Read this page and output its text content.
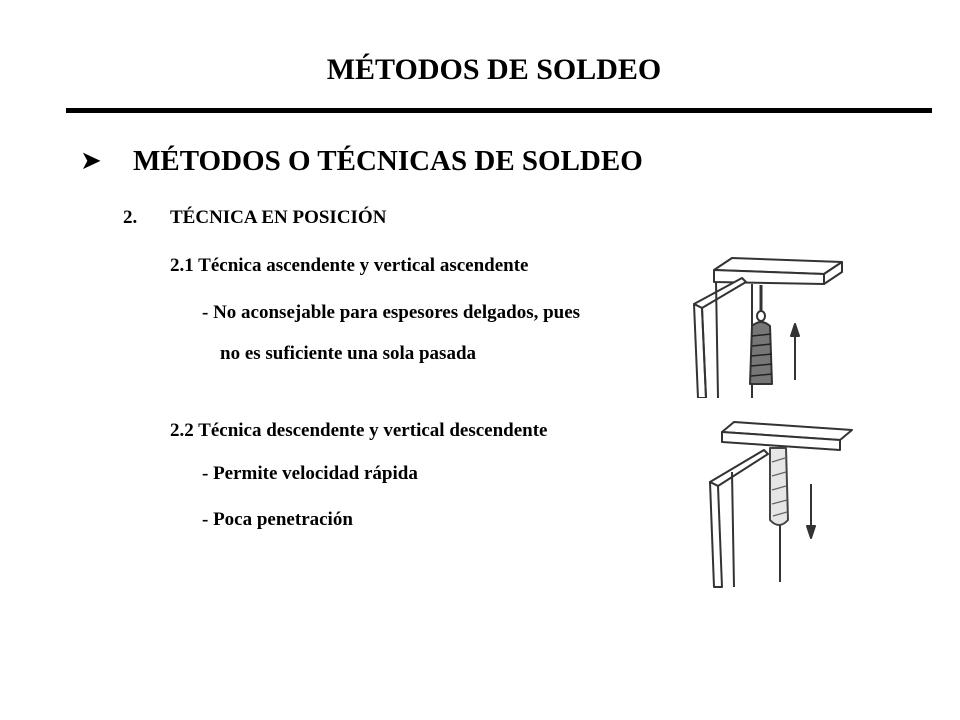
MÉTODOS DE SOLDEO
➤ MÉTODOS O TÉCNICAS DE SOLDEO
2. TÉCNICA EN POSICIÓN
2.1 Técnica ascendente y vertical ascendente
- No aconsejable para espesores delgados, pues
no es suficiente una sola pasada
2.2 Técnica descendente y vertical descendente
- Permite velocidad rápida
- Poca penetración
